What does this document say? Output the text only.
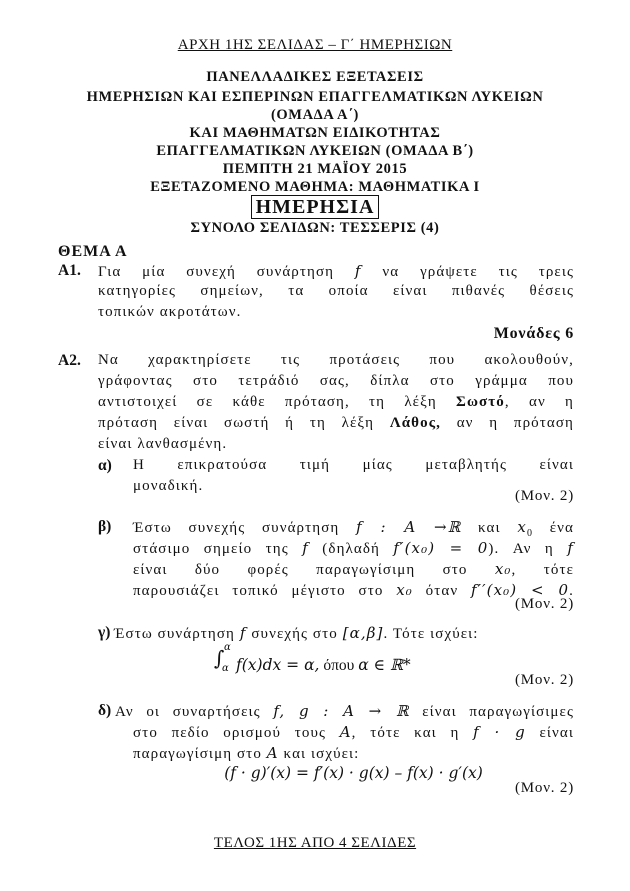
ΑΡΧΗ 1ΗΣ ΣΕΛΙΔΑΣ – Γ΄ ΗΜΕΡΗΣΙΩΝ
ΠΑΝΕΛΛΑΔΙΚΕΣ ΕΞΕΤΑΣΕΙΣ
ΗΜΕΡΗΣΙΩΝ ΚΑΙ ΕΣΠΕΡΙΝΩΝ ΕΠΑΓΓΕΛΜΑΤΙΚΩΝ ΛΥΚΕΙΩΝ
(ΟΜΑΔΑ Α΄)
ΚΑΙ ΜΑΘΗΜΑΤΩΝ ΕΙΔΙΚΟΤΗΤΑΣ
ΕΠΑΓΓΕΛΜΑΤΙΚΩΝ ΛΥΚΕΙΩΝ (ΟΜΑΔΑ Β΄)
ΠΕΜΠΤΗ 21 ΜΑΪΟΥ 2015
ΕΞΕΤΑΖΟΜΕΝΟ ΜΑΘΗΜΑ: ΜΑΘΗΜΑΤΙΚΑ Ι
ΗΜΕΡΗΣΙΑ
ΣΥΝΟΛΟ ΣΕΛΙΔΩΝ: ΤΕΣΣΕΡΙΣ (4)
ΘΕΜΑ Α
Α1. Για μία συνεχή συνάρτηση f να γράψετε τις τρεις
κατηγορίες σημείων, τα οποία είναι πιθανές θέσεις
τοπικών ακροτάτων.
Μονάδες 6
Α2. Να χαρακτηρίσετε τις προτάσεις που ακολουθούν,
γράφοντας στο τετράδιό σας, δίπλα στο γράμμα που
αντιστοιχεί σε κάθε πρόταση, τη λέξη Σωστό, αν η
πρόταση είναι σωστή ή τη λέξη Λάθος, αν η πρόταση
είναι λανθασμένη.
α) Η επικρατούσα τιμή μίας μεταβλητής είναι
μοναδική.
(Μον. 2)
β) Έστω συνεχής συνάρτηση f : A →ℝ και $x_0$ ένα
στάσιμο σημείο της f (δηλαδή f′(x₀) = 0). Αν η f
είναι δύο φορές παραγωγίσιμη στο x₀, τότε
παρουσιάζει τοπικό μέγιστο στο x₀ όταν f′′(x₀) < 0.
(Μον. 2)
γ) Έστω συνάρτηση f συνεχής στο [α,β]. Τότε ισχύει:
∫ α
α f(x)dx = α, όπου α ∈ ℝ*
(Μον. 2)
δ) Αν οι συναρτήσεις f, g : A → ℝ είναι παραγωγίσιμες
στο πεδίο ορισμού τους A, τότε και η f · g είναι
παραγωγίσιμη στο A και ισχύει:
(f · g)′(x) = f′(x) · g(x) – f(x) · g′(x)
(Μον. 2)
ΤΕΛΟΣ 1ΗΣ ΑΠΟ 4 ΣΕΛΙΔΕΣ
